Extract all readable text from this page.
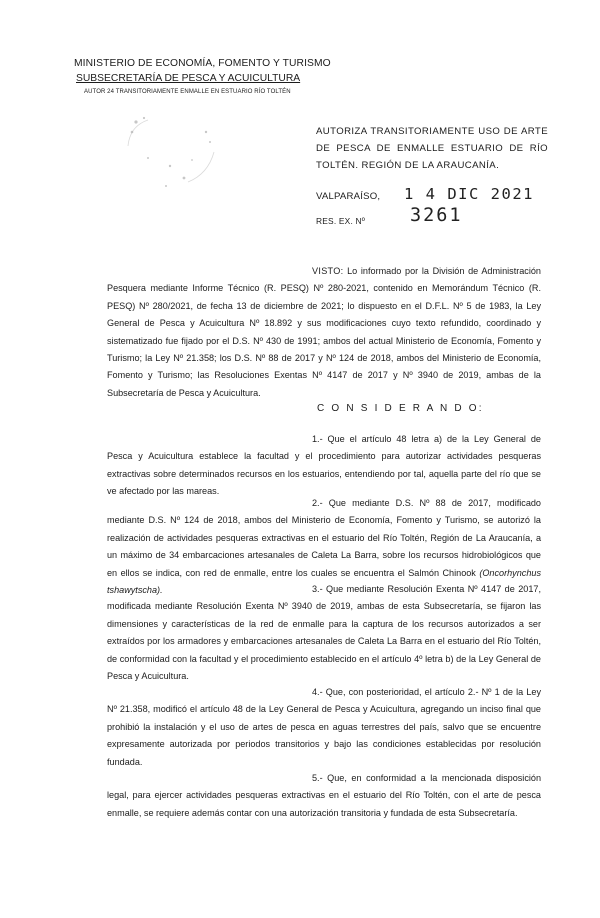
MINISTERIO DE ECONOMÍA, FOMENTO Y TURISMO
SUBSECRETARÍA DE PESCA Y ACUICULTURA
AUTOR 24 TRANSITORIAMENTE ENMALLE EN ESTUARIO RÍO TOLTÉN
AUTORIZA TRANSITORIAMENTE USO DE ARTE DE PESCA DE ENMALLE ESTUARIO DE RÍO TOLTÉN. REGIÓN DE LA ARAUCANÍA.
VALPARAÍSO, 1 4 DIC 2021
RES. EX. Nº 3261

VISTO: Lo informado por la División de Administración Pesquera mediante Informe Técnico (R. PESQ) Nº 280-2021, contenido en Memorándum Técnico (R. PESQ) Nº 280/2021, de fecha 13 de diciembre de 2021; lo dispuesto en el D.F.L. Nº 5 de 1983, la Ley General de Pesca y Acuicultura Nº 18.892 y sus modificaciones cuyo texto refundido, coordinado y sistematizado fue fijado por el D.S. Nº 430 de 1991; ambos del actual Ministerio de Economía, Fomento y Turismo; la Ley Nº 21.358; los D.S. Nº 88 de 2017 y Nº 124 de 2018, ambos del Ministerio de Economía, Fomento y Turismo; las Resoluciones Exentas Nº 4147 de 2017 y Nº 3940 de 2019, ambas de la Subsecretaría de Pesca y Acuicultura.

C O N S I D E R A N D O:

1.- Que el artículo 48 letra a) de la Ley General de Pesca y Acuicultura establece la facultad y el procedimiento para autorizar actividades pesqueras extractivas sobre determinados recursos en los estuarios, entendiendo por tal, aquella parte del río que se ve afectado por las mareas.

2.- Que mediante D.S. Nº 88 de 2017, modificado mediante D.S. Nº 124 de 2018, ambos del Ministerio de Economía, Fomento y Turismo, se autorizó la realización de actividades pesqueras extractivas en el estuario del Río Toltén, Región de La Araucanía, a un máximo de 34 embarcaciones artesanales de Caleta La Barra, sobre los recursos hidrobiológicos que en ellos se indica, con red de enmalle, entre los cuales se encuentra el Salmón Chinook (Oncorhynchus tshawytscha).	3.- Que mediante Resolución Exenta Nº 4147 de 2017, modificada mediante Resolución Exenta Nº 3940 de 2019, ambas de esta Subsecretaría, se fijaron las dimensiones y características de la red de enmalle para la captura de los recursos autorizados a ser extraídos por los armadores y embarcaciones artesanales de Caleta La Barra en el estuario del Río Toltén, de conformidad con la facultad y el procedimiento establecido en el artículo 4º letra b) de la Ley General de Pesca y Acuicultura.

4.- Que, con posterioridad, el artículo 2.- Nº 1 de la Ley Nº 21.358, modificó el artículo 48 de la Ley General de Pesca y Acuicultura, agregando un inciso final que prohibió la instalación y el uso de artes de pesca en aguas terrestres del país, salvo que se encuentre expresamente autorizada por periodos transitorios y bajo las condiciones establecidas por resolución fundada.

5.- Que, en conformidad a la mencionada disposición legal, para ejercer actividades pesqueras extractivas en el estuario del Río Toltén, con el arte de pesca enmalle, se requiere además contar con una autorización transitoria y fundada de esta Subsecretaría.
